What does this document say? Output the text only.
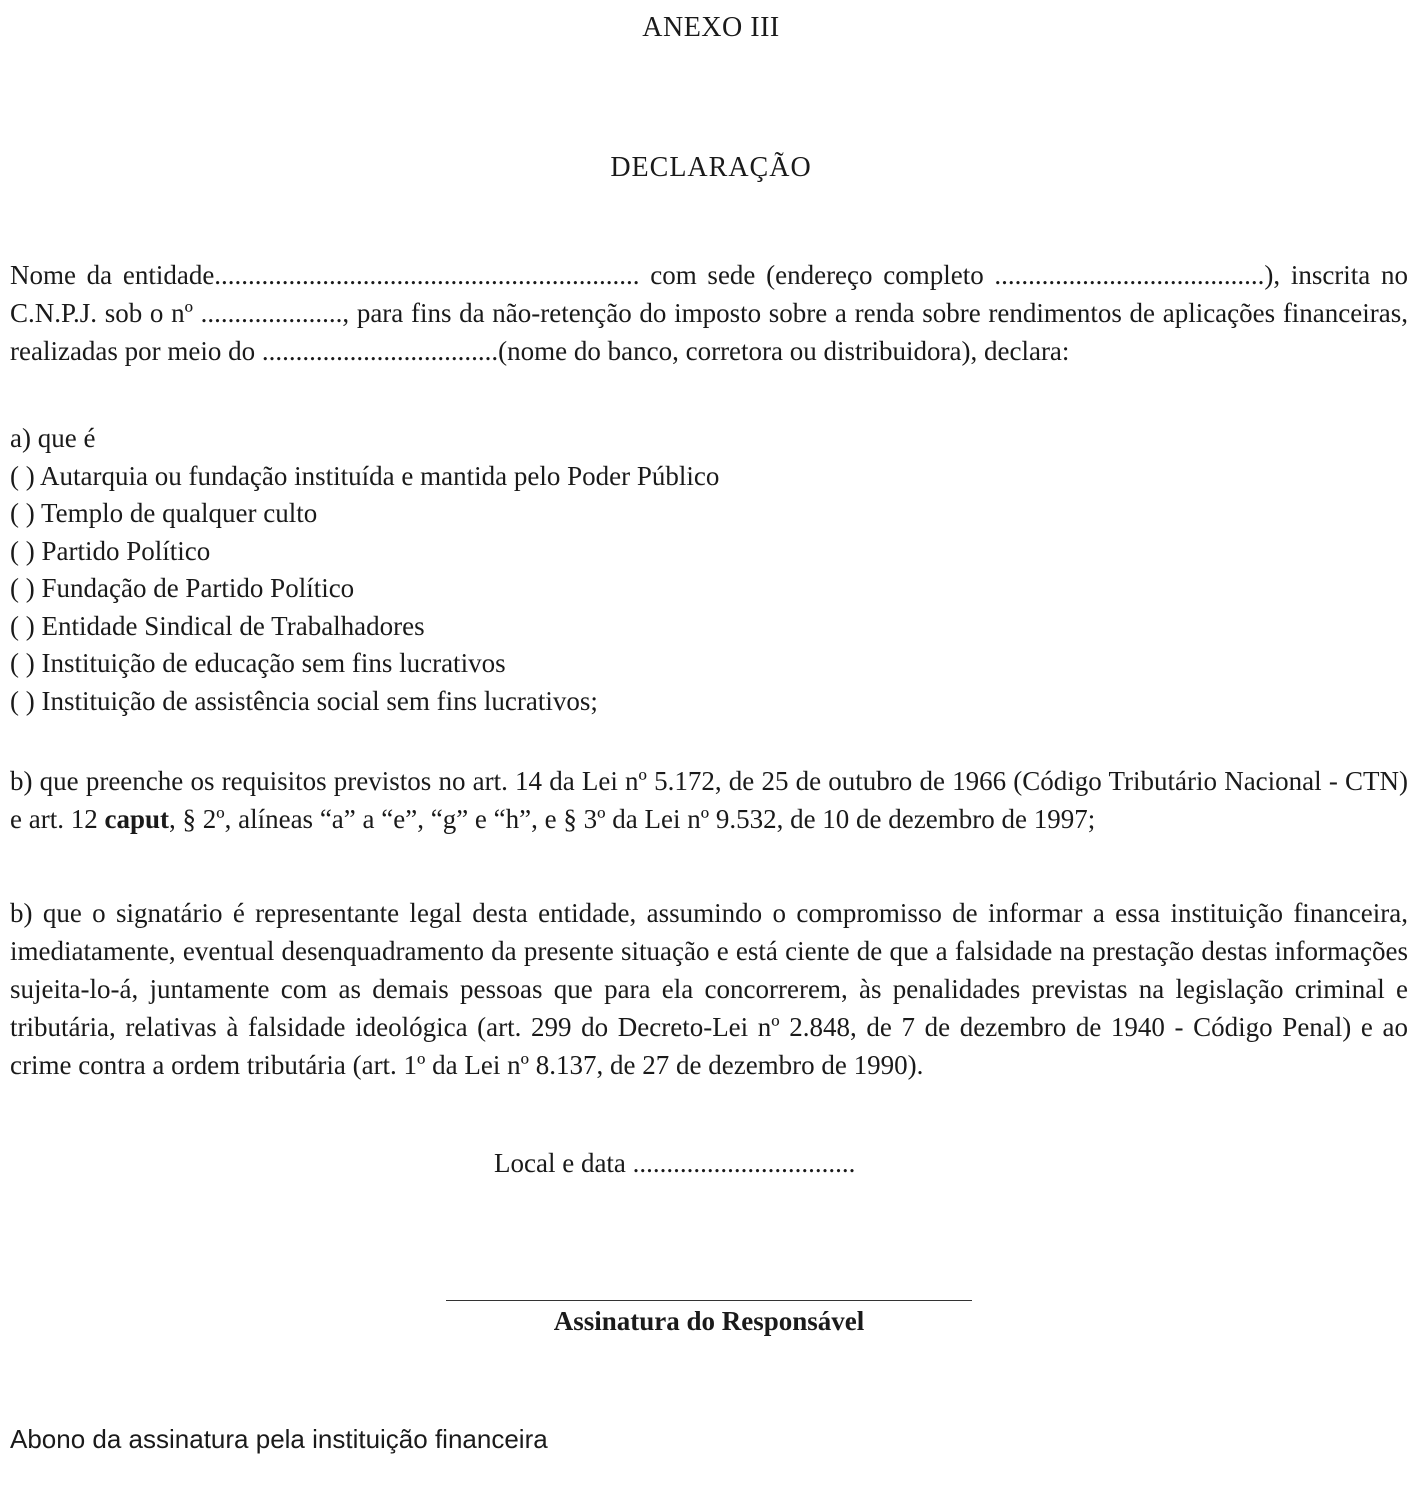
ANEXO III
DECLARAÇÃO
Nome da entidade............................................................... com sede (endereço completo ........................................), inscrita no C.N.P.J. sob o nº ....................., para fins da não-retenção do imposto sobre a renda sobre rendimentos de aplicações financeiras, realizadas por meio do ...................................(nome do banco, corretora ou distribuidora), declara:
a) que é
( ) Autarquia ou fundação instituída e mantida pelo Poder Público
( ) Templo de qualquer culto
( ) Partido Político
( ) Fundação de Partido Político
( ) Entidade Sindical de Trabalhadores
( ) Instituição de educação sem fins lucrativos
( ) Instituição de assistência social sem fins lucrativos;
b) que preenche os requisitos previstos no art. 14 da Lei nº 5.172, de 25 de outubro de 1966 (Código Tributário Nacional - CTN) e art. 12 caput, § 2º, alíneas “a” a “e”, “g” e “h”, e § 3º da Lei nº 9.532, de 10 de dezembro de 1997;
b) que o signatário é representante legal desta entidade, assumindo o compromisso de informar a essa instituição financeira, imediatamente, eventual desenquadramento da presente situação e está ciente de que a falsidade na prestação destas informações sujeita-lo-á, juntamente com as demais pessoas que para ela concorrerem, às penalidades previstas na legislação criminal e tributária, relativas à falsidade ideológica (art. 299 do Decreto-Lei nº 2.848, de 7 de dezembro de 1940 - Código Penal) e ao crime contra a ordem tributária (art. 1º da Lei nº 8.137, de 27 de dezembro de 1990).
Local e data .................................
Assinatura do Responsável
Abono da assinatura pela instituição financeira
